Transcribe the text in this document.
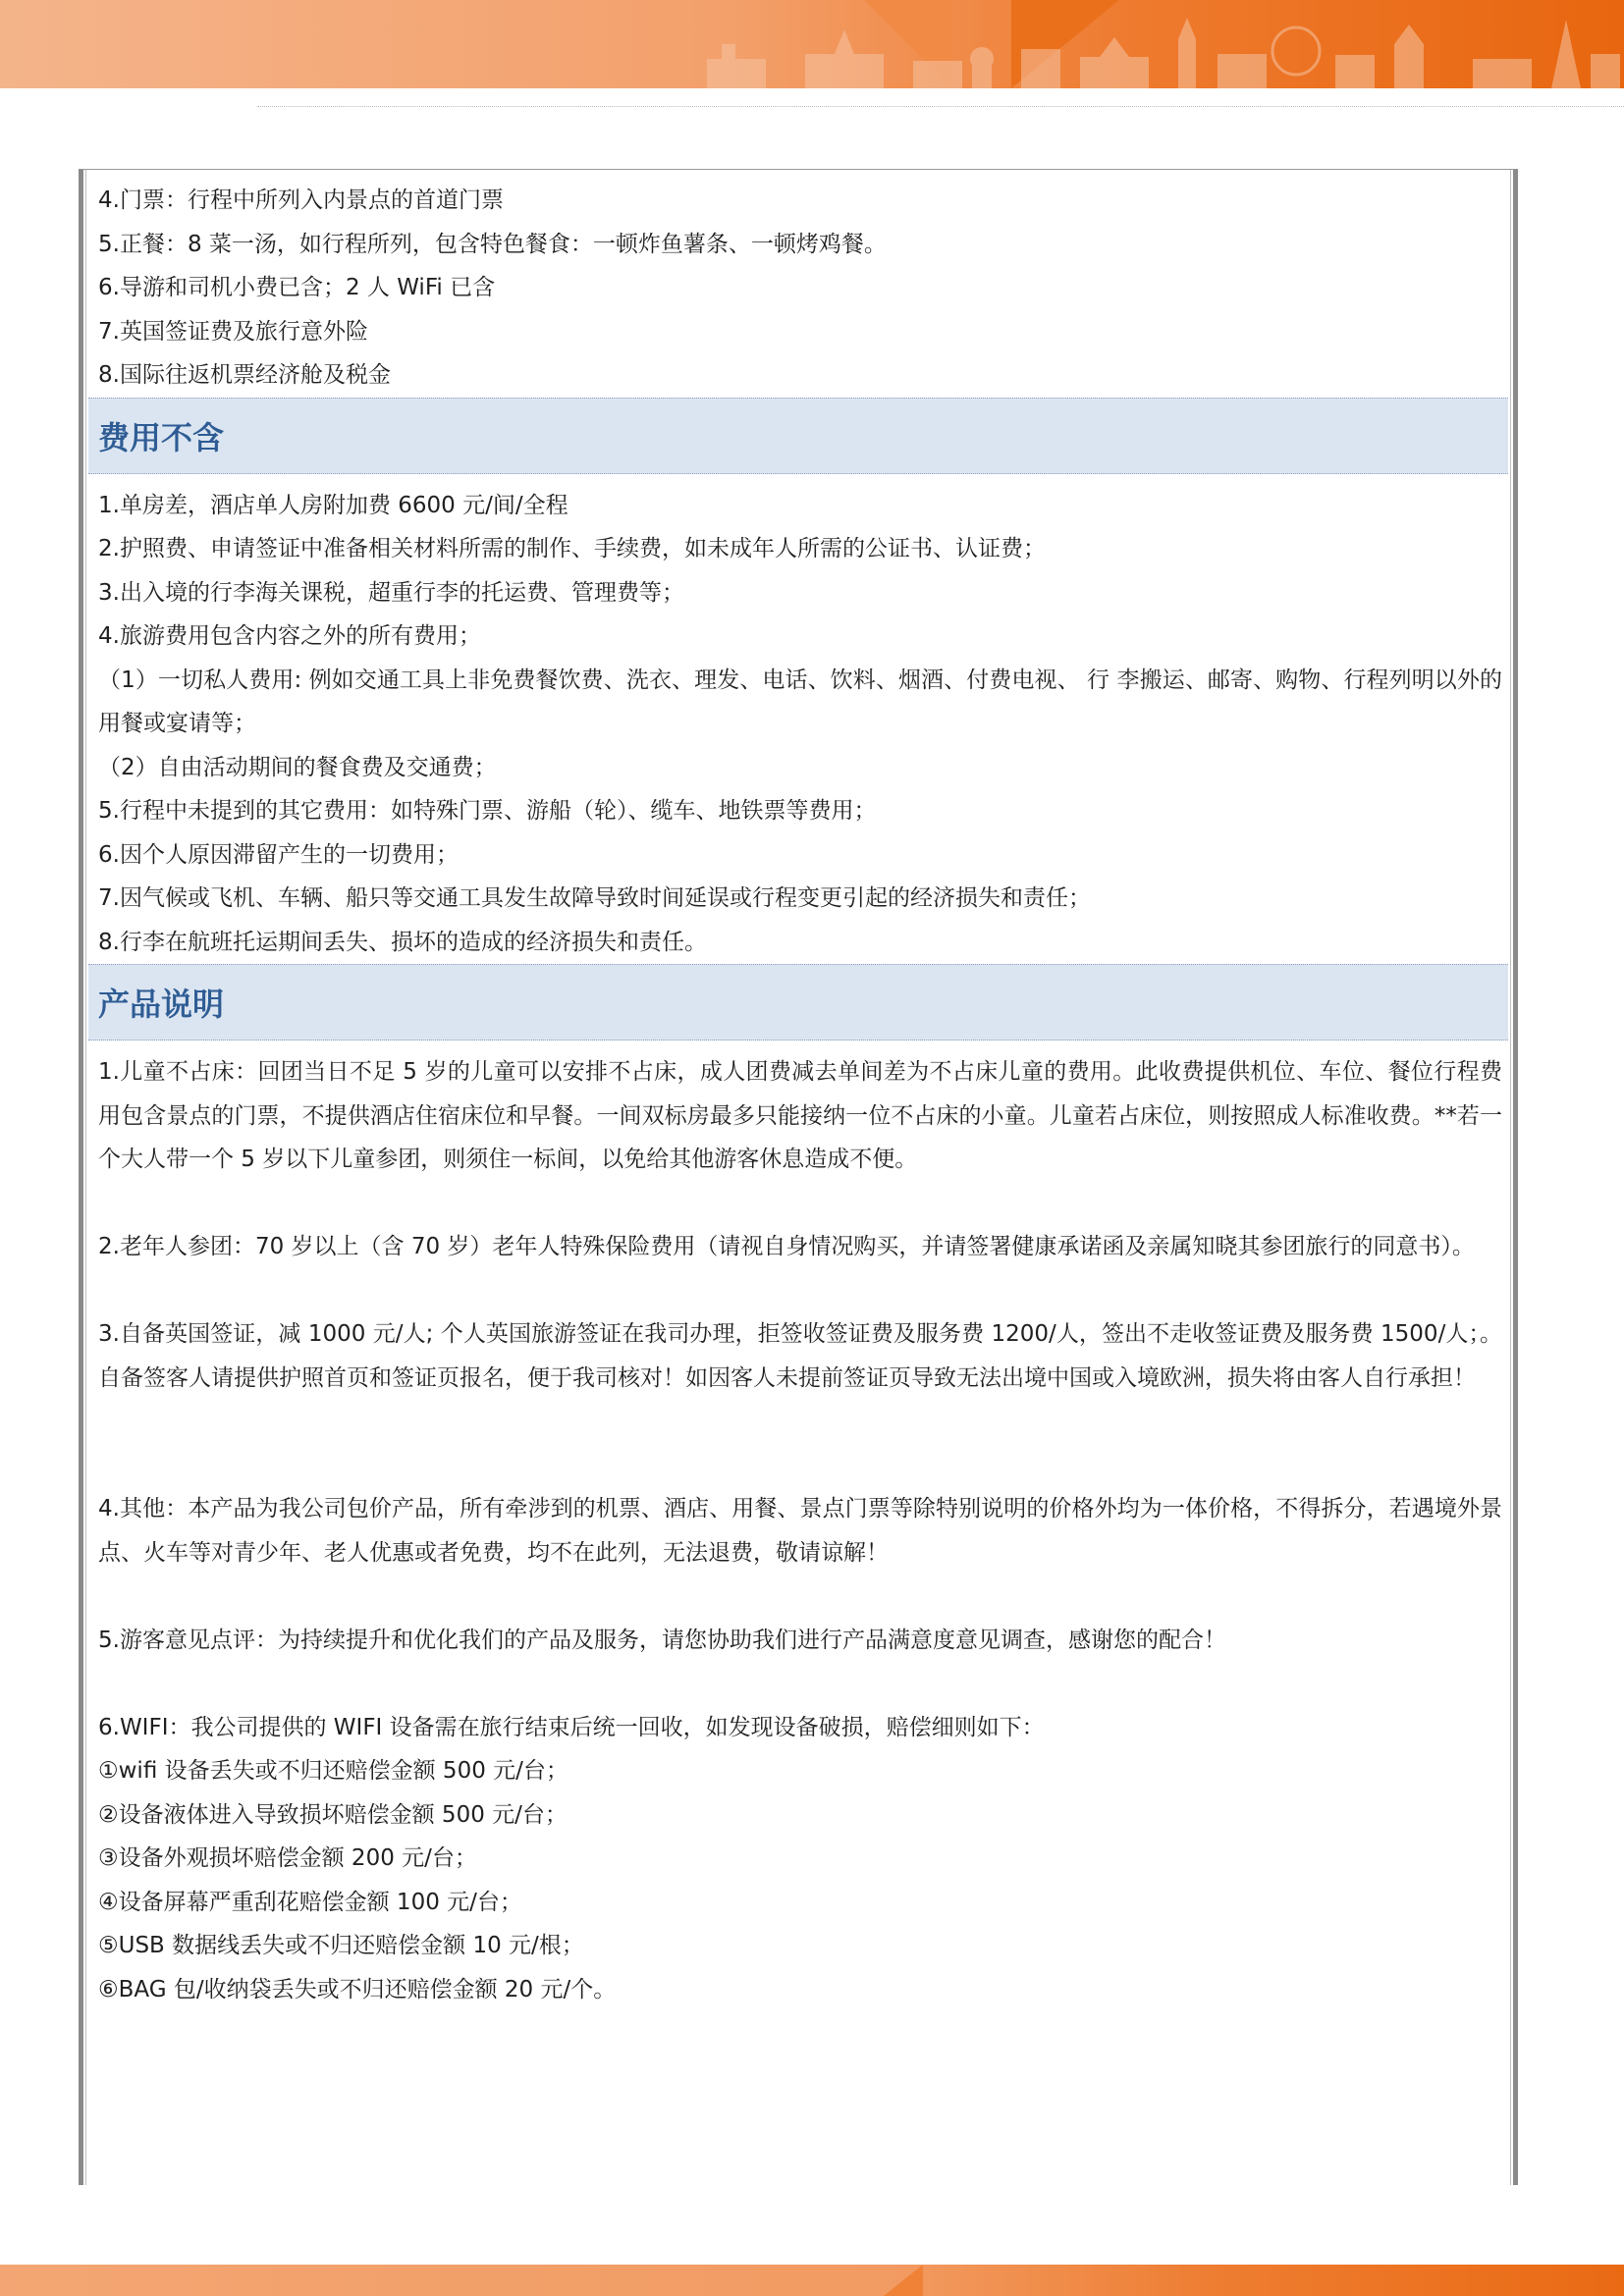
4.门票：行程中所列入内景点的首道门票

5.正餐：8 菜一汤，如行程所列，包含特色餐食：一顿炸鱼薯条、一顿烤鸡餐。

6.导游和司机小费已含；2 人 WiFi 已含

7.英国签证费及旅行意外险

8.国际往返机票经济舱及税金

费用不含

1.单房差，酒店单人房附加费 6600 元/间/全程

2.护照费、申请签证中准备相关材料所需的制作、手续费，如未成年人所需的公证书、认证费；

3.出入境的行李海关课税，超重行李的托运费、管理费等；

4.旅游费用包含内容之外的所有费用；

（1）一切私人费用: 例如交通工具上非免费餐饮费、洗衣、理发、电话、饮料、烟酒、付费电视、 行 李搬运、邮寄、购物、行程列明以外的用餐或宴请等；

（2）自由活动期间的餐食费及交通费；

5.行程中未提到的其它费用：如特殊门票、游船（轮）、缆车、地铁票等费用；

6.因个人原因滞留产生的一切费用；

7.因气候或飞机、车辆、船只等交通工具发生故障导致时间延误或行程变更引起的经济损失和责任；

8.行李在航班托运期间丢失、损坏的造成的经济损失和责任。

产品说明

1.儿童不占床：回团当日不足 5 岁的儿童可以安排不占床，成人团费减去单间差为不占床儿童的费用。此收费提供机位、车位、餐位行程费用包含景点的门票，不提供酒店住宿床位和早餐。一间双标房最多只能接纳一位不占床的小童。儿童若占床位，则按照成人标准收费。**若一个大人带一个 5 岁以下儿童参团，则须住一标间，以免给其他游客休息造成不便。

2.老年人参团：70 岁以上（含 70 岁）老年人特殊保险费用（请视自身情况购买，并请签署健康承诺函及亲属知晓其参团旅行的同意书）。

3.自备英国签证，减 1000 元/人; 个人英国旅游签证在我司办理，拒签收签证费及服务费 1200/人，签出不走收签证费及服务费 1500/人；。自备签客人请提供护照首页和签证页报名，便于我司核对！如因客人未提前签证页导致无法出境中国或入境欧洲，损失将由客人自行承担！

4.其他：本产品为我公司包价产品，所有牵涉到的机票、酒店、用餐、景点门票等除特别说明的价格外均为一体价格，不得拆分，若遇境外景点、火车等对青少年、老人优惠或者免费，均不在此列，无法退费，敬请谅解！

5.游客意见点评：为持续提升和优化我们的产品及服务，请您协助我们进行产品满意度意见调查，感谢您的配合！

6.WIFI：我公司提供的 WIFI 设备需在旅行结束后统一回收，如发现设备破损，赔偿细则如下：

①wifi 设备丢失或不归还赔偿金额 500 元/台；

②设备液体进入导致损坏赔偿金额 500 元/台；

③设备外观损坏赔偿金额 200 元/台；

④设备屏幕严重刮花赔偿金额 100 元/台；

⑤USB 数据线丢失或不归还赔偿金额 10 元/根；

⑥BAG 包/收纳袋丢失或不归还赔偿金额 20 元/个。
